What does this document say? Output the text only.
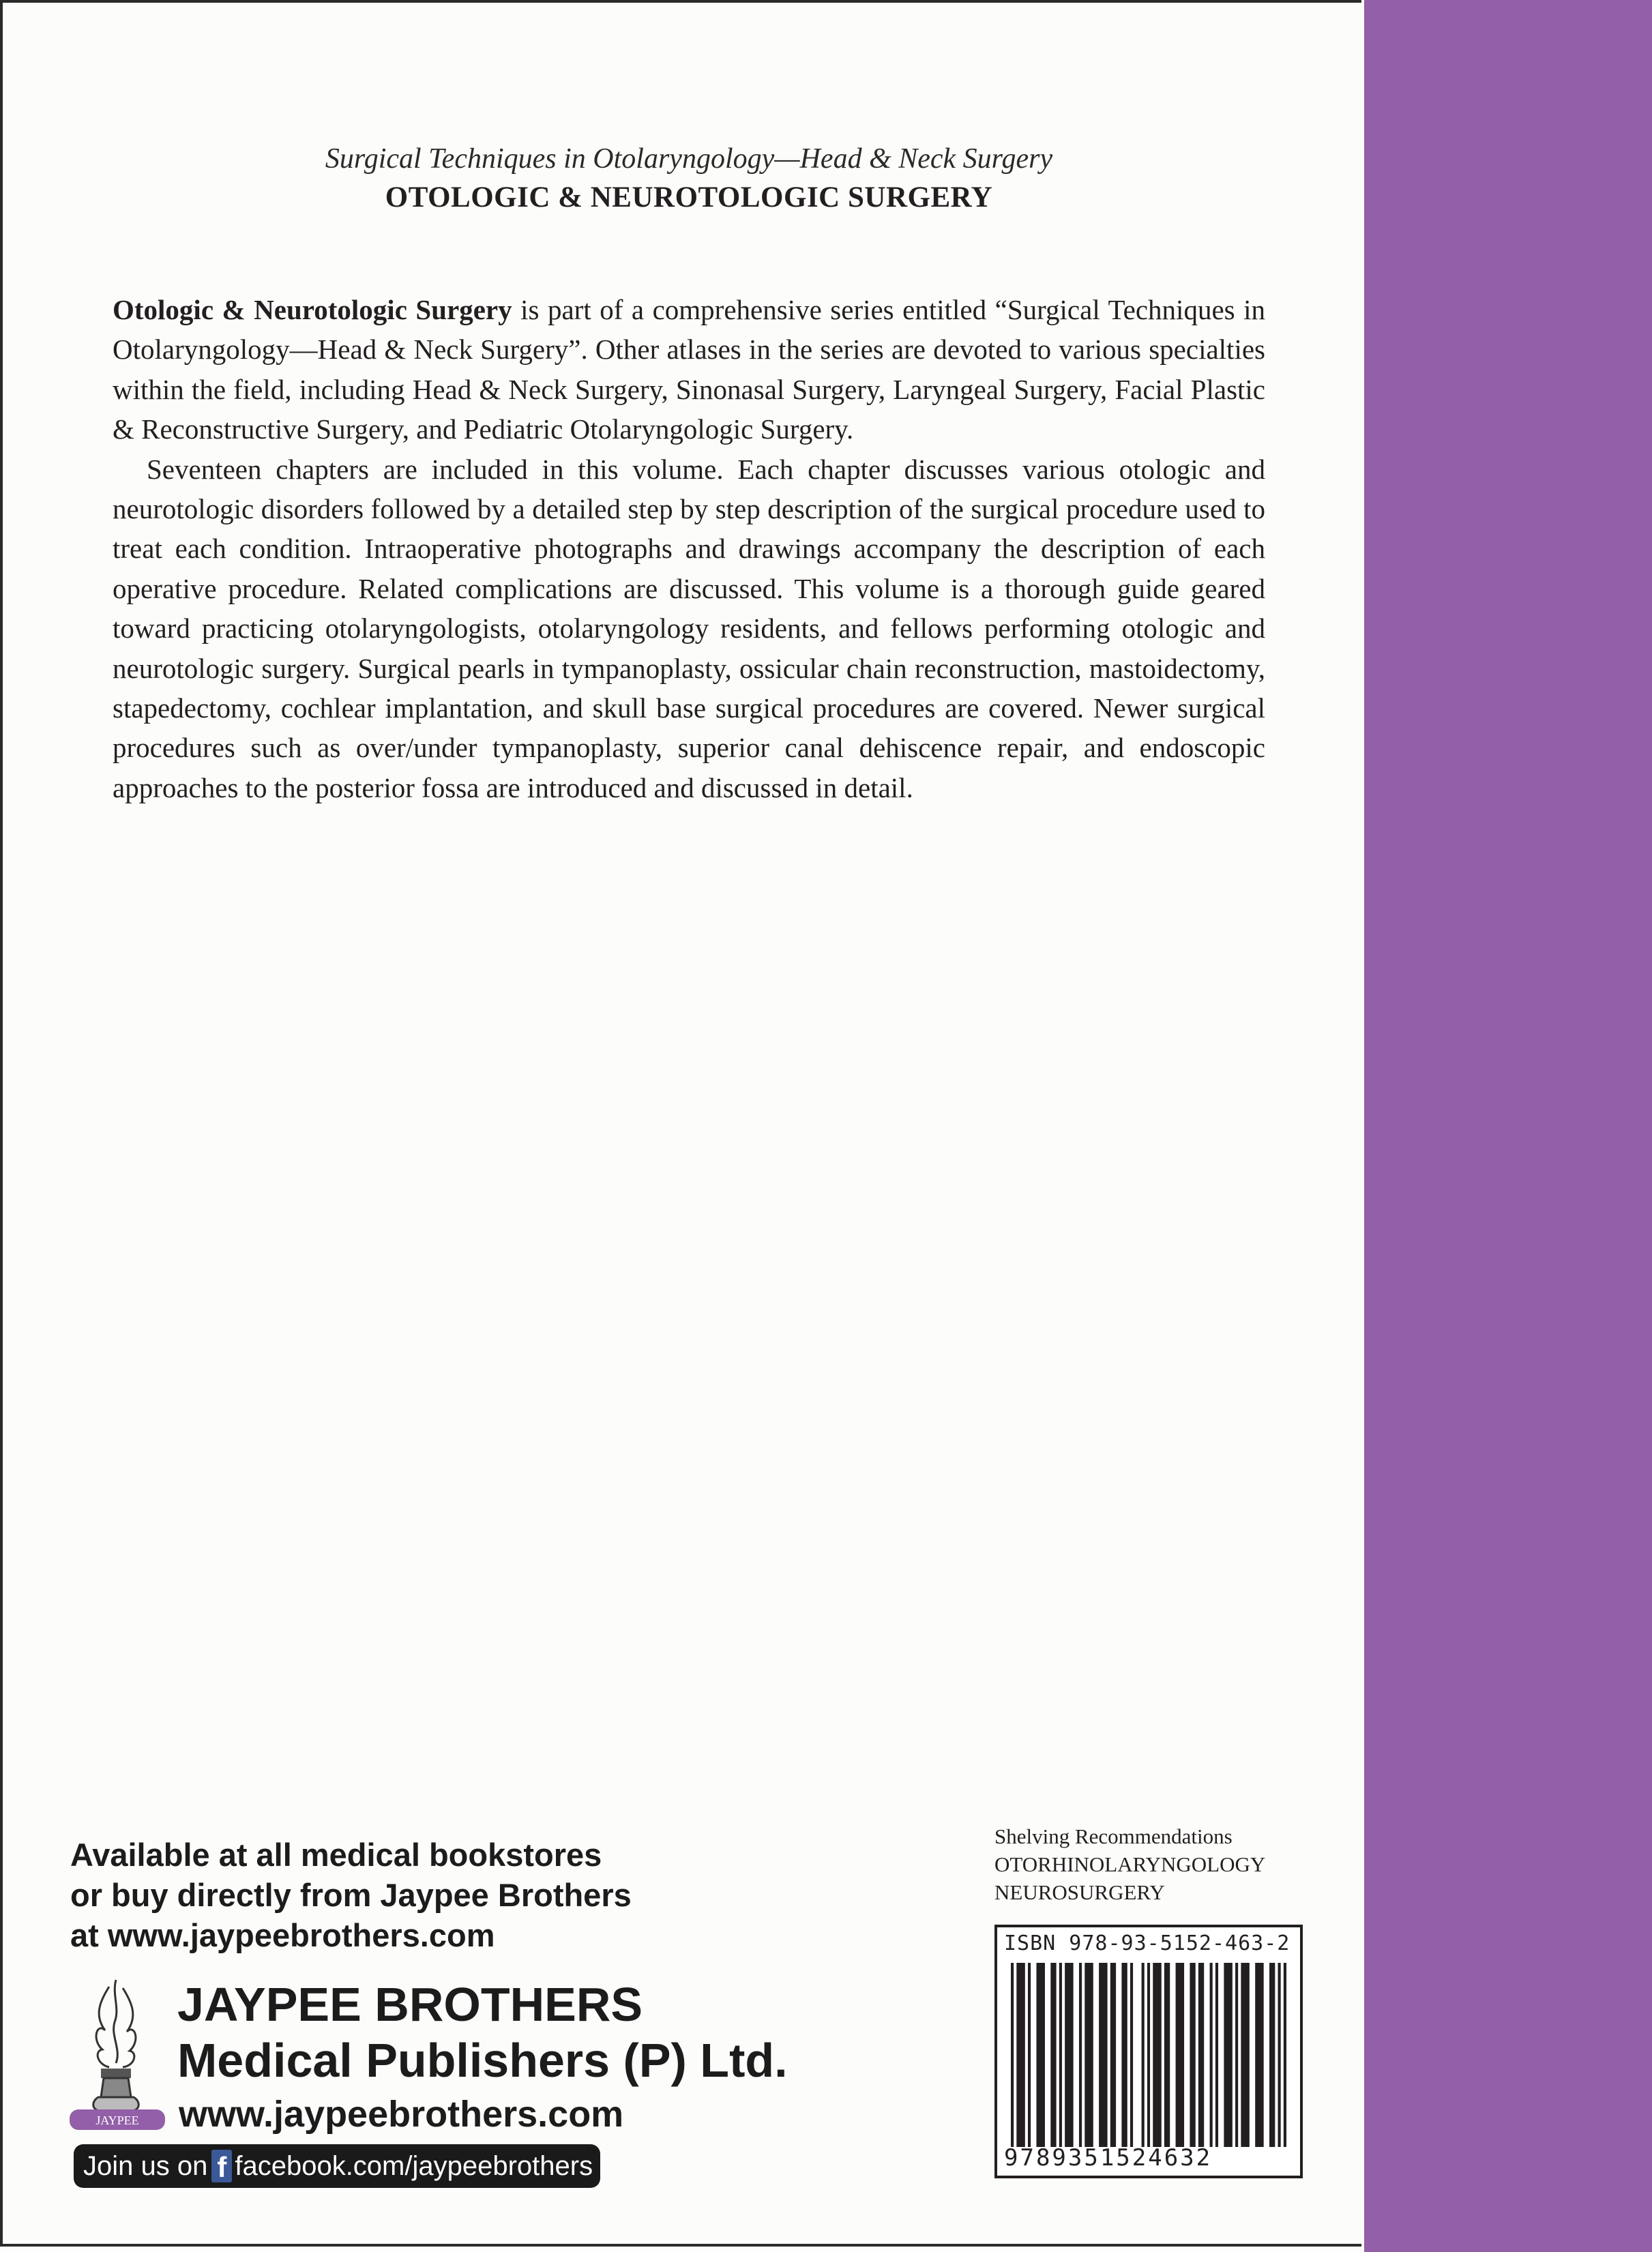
Surgical Techniques in Otolaryngology—Head & Neck Surgery
OTOLOGIC & NEUROTOLOGIC SURGERY

Otologic & Neurotologic Surgery is part of a comprehensive series entitled “Surgical Techniques in Otolaryngology—Head & Neck Surgery”. Other atlases in the series are devoted to various specialties within the field, including Head & Neck Surgery, Sinonasal Surgery, Laryngeal Surgery, Facial Plastic & Reconstructive Surgery, and Pediatric Otolaryngologic Surgery.

Seventeen chapters are included in this volume. Each chapter discusses various otologic and neurotologic disorders followed by a detailed step by step description of the surgical procedure used to treat each condition. Intraoperative photographs and drawings accompany the description of each operative procedure. Related complications are discussed. This volume is a thorough guide geared toward practicing otolaryngologists, otolaryngology residents, and fellows performing otologic and neurotologic surgery. Surgical pearls in tympanoplasty, ossicular chain reconstruction, mastoidectomy, stapedectomy, cochlear implantation, and skull base surgical procedures are covered. Newer surgical procedures such as over/under tympanoplasty, superior canal dehiscence repair, and endoscopic approaches to the posterior fossa are introduced and discussed in detail.

Available at all medical bookstores
or buy directly from Jaypee Brothers
at www.jaypeebrothers.com
JAYPEE
JAYPEE BROTHERS
Medical Publishers (P) Ltd.
www.jaypeebrothers.com
Join us on f facebook.com/jaypeebrothers
Shelving Recommendations
OTORHINOLARYNGOLOGY
NEUROSURGERY
ISBN 978-93-5152-463-2
9789351524632
